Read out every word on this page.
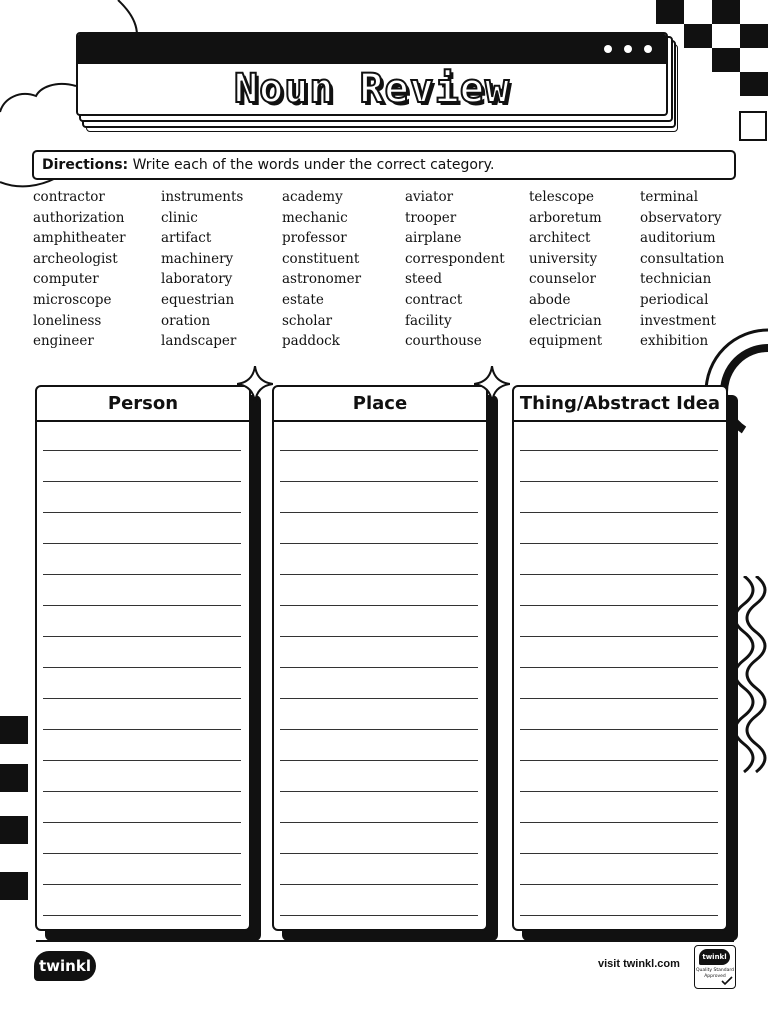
Noun Review
Directions: Write each of the words under the correct category.
contractor
authorization
amphitheater
archeologist
computer
microscope
loneliness
engineer
instruments
clinic
artifact
machinery
laboratory
equestrian
oration
landscaper
academy
mechanic
professor
constituent
astronomer
estate
scholar
paddock
aviator
trooper
airplane
correspondent
steed
contract
facility
courthouse
telescope
arboretum
architect
university
counselor
abode
electrician
equipment
terminal
observatory
auditorium
consultation
technician
periodical
investment
exhibition
Person	Place	Thing/Abstract Idea
twinkl	visit twinkl.com
twinkl
Quality Standard Approved
